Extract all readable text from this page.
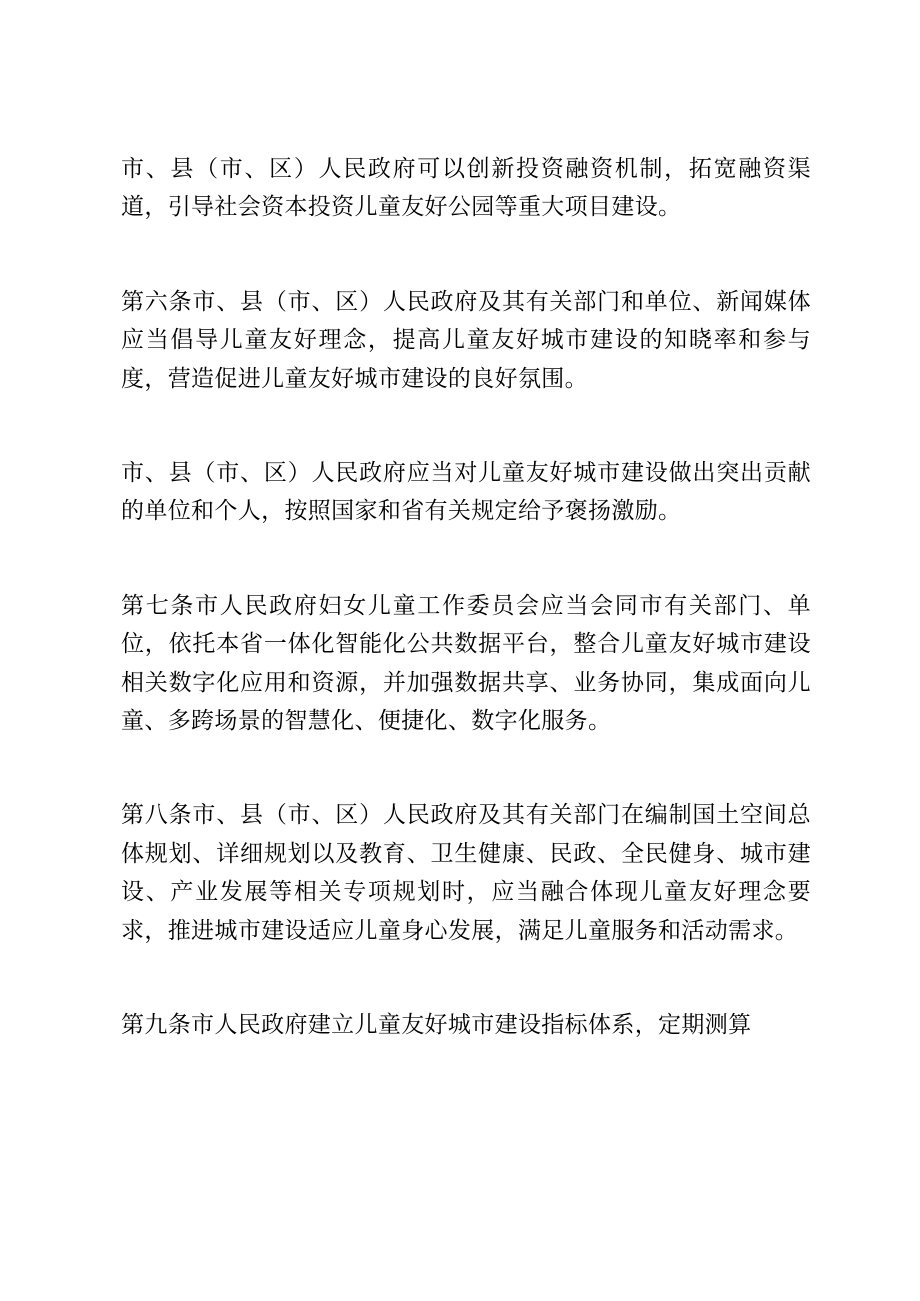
市、县（市、区）人民政府可以创新投资融资机制，拓宽融资渠道，引导社会资本投资儿童友好公园等重大项目建设。

第六条市、县（市、区）人民政府及其有关部门和单位、新闻媒体应当倡导儿童友好理念，提高儿童友好城市建设的知晓率和参与度，营造促进儿童友好城市建设的良好氛围。

市、县（市、区）人民政府应当对儿童友好城市建设做出突出贡献的单位和个人，按照国家和省有关规定给予褒扬激励。

第七条市人民政府妇女儿童工作委员会应当会同市有关部门、单位，依托本省一体化智能化公共数据平台，整合儿童友好城市建设相关数字化应用和资源，并加强数据共享、业务协同，集成面向儿童、多跨场景的智慧化、便捷化、数字化服务。

第八条市、县（市、区）人民政府及其有关部门在编制国土空间总体规划、详细规划以及教育、卫生健康、民政、全民健身、城市建设、产业发展等相关专项规划时，应当融合体现儿童友好理念要求，推进城市建设适应儿童身心发展，满足儿童服务和活动需求。

第九条市人民政府建立儿童友好城市建设指标体系，定期测算
